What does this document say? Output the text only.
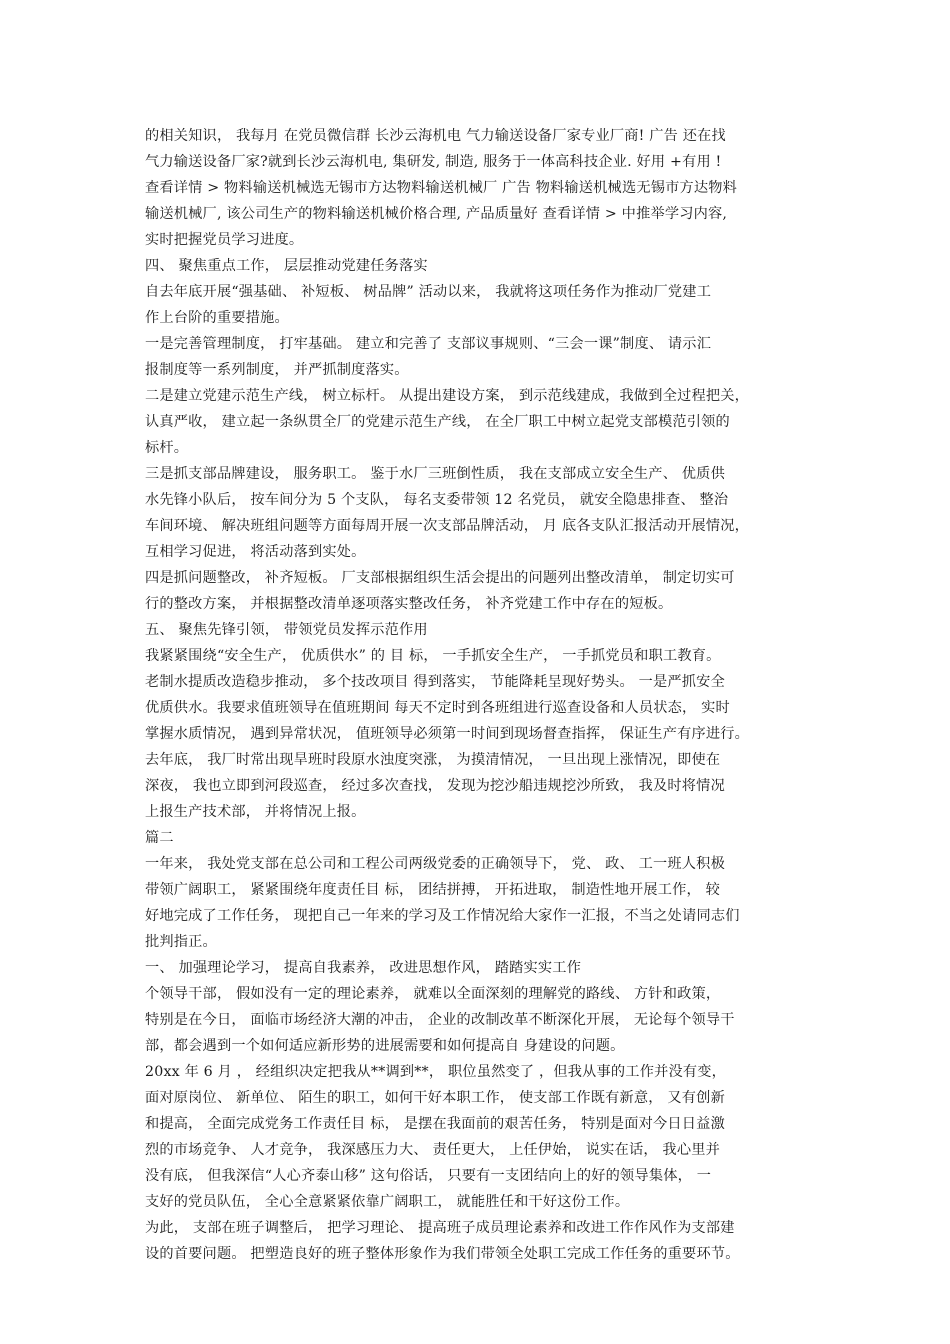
的相关知识， 我每月 在党员微信群 长沙云海机电 气力输送设备厂家专业厂商! 广告 还在找
气力输送设备厂家?就到长沙云海机电, 集研发, 制造, 服务于一体高科技企业. 好用 +有用 !
查看详情 > 物料输送机械选无锡市方达物料输送机械厂 广告 物料输送机械选无锡市方达物料
输送机械厂, 该公司生产的物料输送机械价格合理, 产品质量好 查看详情 > 中推举学习内容,
实时把握党员学习进度。
四、 聚焦重点工作， 层层推动党建任务落实
自去年底开展“强基础、 补短板、 树品牌” 活动以来， 我就将这项任务作为推动厂党建工
作上台阶的重要措施。
一是完善管理制度， 打牢基础。 建立和完善了 支部议事规则、“三会一课”制度、 请示汇
报制度等一系列制度， 并严抓制度落实。
二是建立党建示范生产线， 树立标杆。 从提出建设方案， 到示范线建成，我做到全过程把关，
认真严收， 建立起一条纵贯全厂的党建示范生产线， 在全厂职工中树立起党支部模范引领的
标杆。
三是抓支部品牌建设， 服务职工。 鉴于水厂三班倒性质， 我在支部成立安全生产、 优质供
水先锋小队后， 按车间分为 5 个支队， 每名支委带领 12 名党员， 就安全隐患排查、 整治
车间环境、 解决班组问题等方面每周开展一次支部品牌活动， 月 底各支队汇报活动开展情况，
互相学习促进， 将活动落到实处。
四是抓问题整改， 补齐短板。 厂支部根据组织生活会提出的问题列出整改清单， 制定切实可
行的整改方案， 并根据整改清单逐项落实整改任务， 补齐党建工作中存在的短板。
五、 聚焦先锋引领， 带领党员发挥示范作用
我紧紧围绕“安全生产， 优质供水” 的 目 标， 一手抓安全生产， 一手抓党员和职工教育。
老制水提质改造稳步推动， 多个技改项目 得到落实， 节能降耗呈现好势头。 一是严抓安全
优质供水。我要求值班领导在值班期间 每天不定时到各班组进行巡查设备和人员状态， 实时
掌握水质情况， 遇到异常状况， 值班领导必须第一时间到现场督查指挥， 保证生产有序进行。
去年底， 我厂时常出现旱班时段原水浊度突涨， 为摸清情况， 一旦出现上涨情况，即使在
深夜， 我也立即到河段巡查， 经过多次查找， 发现为挖沙船违规挖沙所致， 我及时将情况
上报生产技术部， 并将情况上报。
篇二
一年来， 我处党支部在总公司和工程公司两级党委的正确领导下， 党、 政、 工一班人积极
带领广阔职工， 紧紧围绕年度责任目 标， 团结拼搏， 开拓进取， 制造性地开展工作， 较
好地完成了工作任务， 现把自己一年来的学习及工作情况给大家作一汇报，不当之处请同志们
批判指正。
一、 加强理论学习， 提高自我素养， 改进思想作风， 踏踏实实工作
个领导干部， 假如没有一定的理论素养， 就难以全面深刻的理解党的路线、 方针和政策，
特别是在今日， 面临市场经济大潮的冲击， 企业的改制改革不断深化开展， 无论每个领导干
部，都会遇到一个如何适应新形势的进展需要和如何提高自 身建设的问题。
20xx 年 6 月 ， 经组织决定把我从**调到**， 职位虽然变了 ，但我从事的工作并没有变，
面对原岗位、 新单位、 陌生的职工，如何干好本职工作， 使支部工作既有新意， 又有创新
和提高， 全面完成党务工作责任目 标， 是摆在我面前的艰苦任务， 特别是面对今日日益激
烈的市场竞争、 人才竞争， 我深感压力大、 责任更大， 上任伊始， 说实在话， 我心里并
没有底， 但我深信“人心齐泰山移” 这句俗话， 只要有一支团结向上的好的领导集体， 一
支好的党员队伍， 全心全意紧紧依靠广阔职工， 就能胜任和干好这份工作。
为此， 支部在班子调整后， 把学习理论、 提高班子成员理论素养和改进工作作风作为支部建
设的首要问题。 把塑造良好的班子整体形象作为我们带领全处职工完成工作任务的重要环节。
